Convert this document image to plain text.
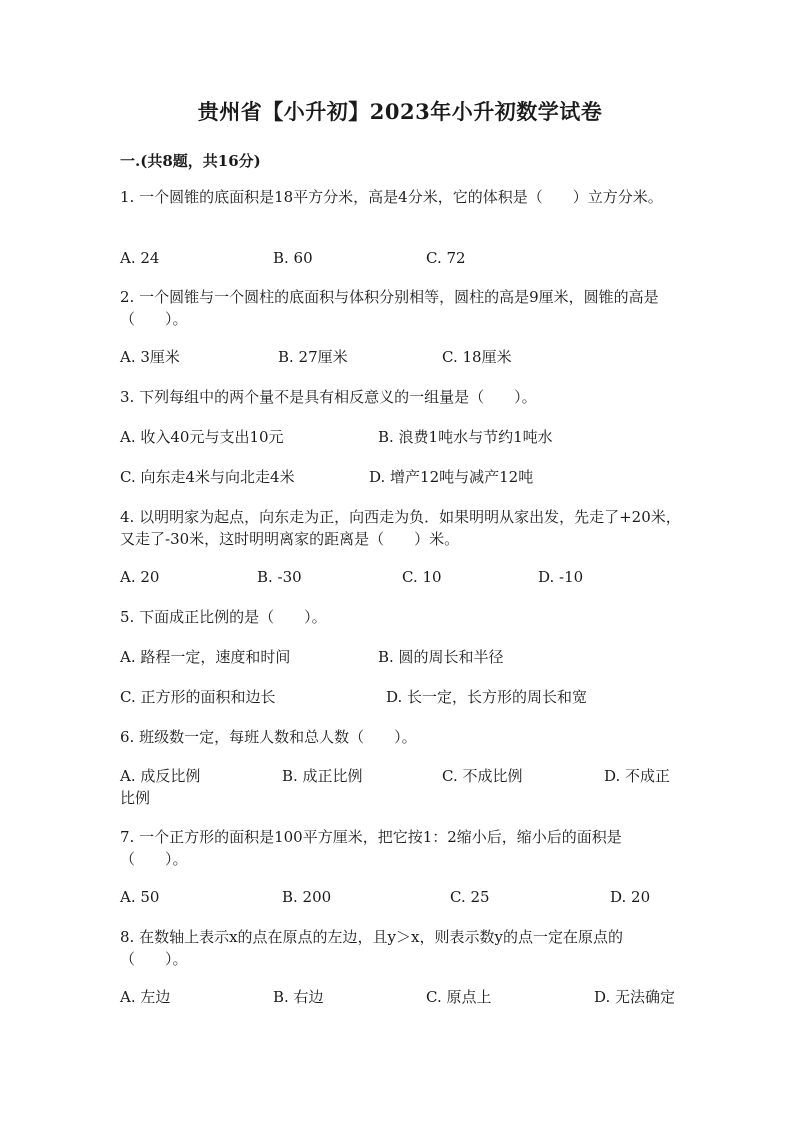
贵州省【小升初】2023年小升初数学试卷
一.(共8题，共16分)
1. 一个圆锥的底面积是18平方分米，高是4分米，它的体积是（　　）立方分米。
A. 24	B. 60	C. 72
2. 一个圆锥与一个圆柱的底面积与体积分别相等，圆柱的高是9厘米，圆锥的高是（　　）。
A. 3厘米	B. 27厘米	C. 18厘米
3. 下列每组中的两个量不是具有相反意义的一组量是（　　）。
A. 收入40元与支出10元	B. 浪费1吨水与节约1吨水
C. 向东走4米与向北走4米	D. 增产12吨与减产12吨
4. 以明明家为起点，向东走为正，向西走为负．如果明明从家出发，先走了+20米，又走了-30米，这时明明离家的距离是（　　）米。
A. 20	B. -30	C. 10	D. -10
5. 下面成正比例的是（　　）。
A. 路程一定，速度和时间	B. 圆的周长和半径
C. 正方形的面积和边长	D. 长一定，长方形的周长和宽
6. 班级数一定，每班人数和总人数（　　）。
A. 成反比例	B. 成正比例	C. 不成比例	D. 不成正
比例
7. 一个正方形的面积是100平方厘米，把它按1：2缩小后，缩小后的面积是（　　）。
A. 50	B. 200	C. 25	D. 20
8. 在数轴上表示x的点在原点的左边，且y＞x，则表示数y的点一定在原点的（　　）。
A. 左边	B. 右边	C. 原点上	D. 无法确定
